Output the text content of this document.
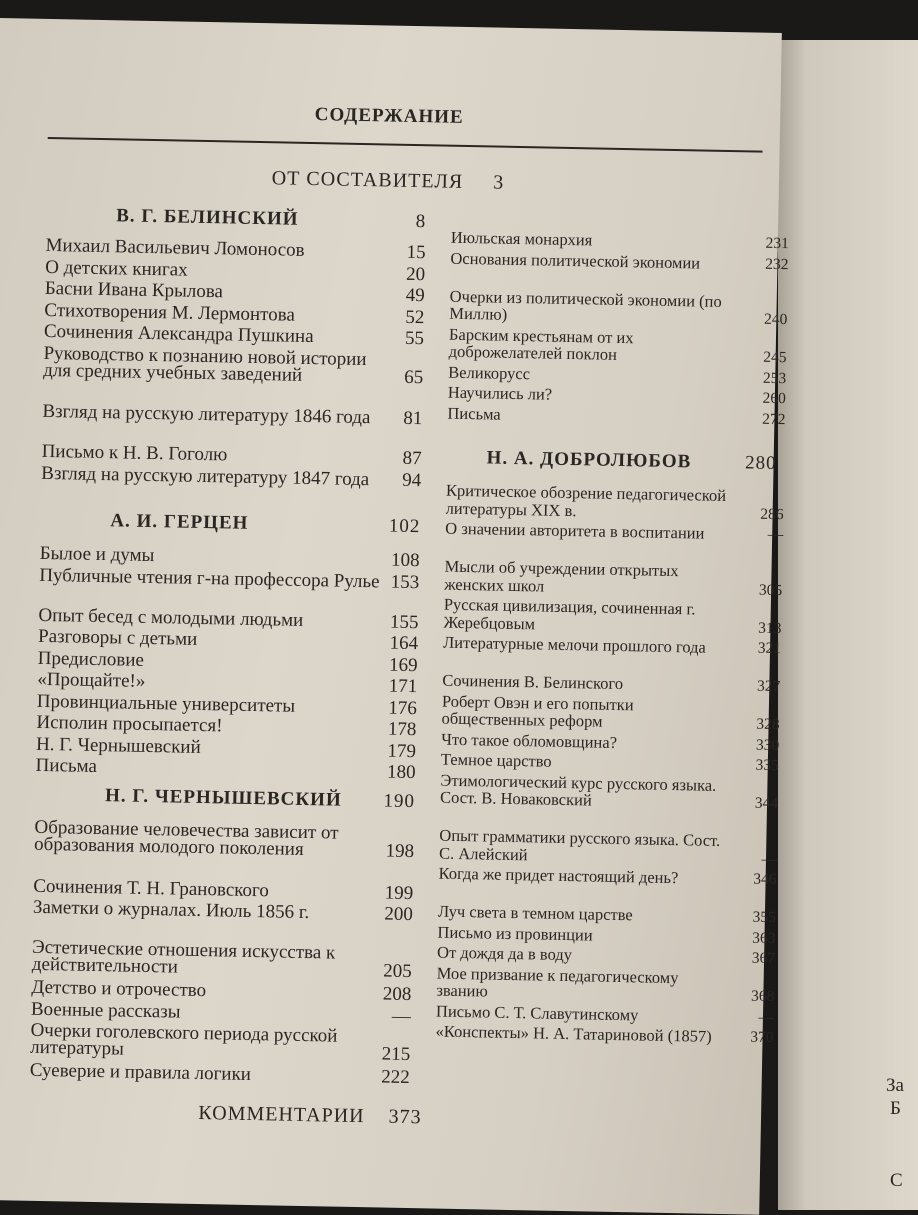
За
Б
С
СОДЕРЖАНИЕ
ОТ СОСТАВИТЕЛЯ 3
В. Г. БЕЛИНСКИЙ	8
Михаил Васильевич Ломоносов	15
О детских книгах	20
Басни Ивана Крылова	49
Стихотворения М. Лермонтова	52
Сочинения Александра Пушкина	55
Руководство к познанию новой истории для средних учебных заведений	65
Взгляд на русскую литературу 1846 года	81
Письмо к Н. В. Гоголю	87
Взгляд на русскую литературу 1847 года	94
А. И. ГЕРЦЕН	102
Былое и думы	108
Публичные чтения г-на профессора Рулье 153
Опыт бесед с молодыми людьми	155
Разговоры с детьми	164
Предисловие	169
«Прощайте!»	171
Провинциальные университеты	176
Исполин просыпается!	178
Н. Г. Чернышевский	179
Письма	180
Н. Г. ЧЕРНЫШЕВСКИЙ 190
Образование человечества зависит от образования молодого поколения	198
Сочинения Т. Н. Грановского	199
Заметки о журналах. Июль 1856 г.	200
Эстетические отношения искусства к действительности	205
Детство и отрочество	208
Военные рассказы	—
Очерки гоголевского периода русской литературы	215
Суеверие и правила логики	222
Июльская монархия	231
Основания политической экономии	232
Очерки из политической экономии (по Миллю)	240
Барским крестьянам от их доброжелателей поклон	245
Великорусс	253
Научились ли?	260
Письма	272
Н. А. ДОБРОЛЮБОВ	280
Критическое обозрение педагогической литературы XIX в.	286
О значении авторитета в воспитании	—
Мысли об учреждении открытых женских школ	305
Русская цивилизация, сочиненная г. Жеребцовым	313
Литературные мелочи прошлого года	321
Сочинения В. Белинского	327
Роберт Овэн и его попытки общественных реформ	328
Что такое обломовщина?	330
Темное царство	335
Этимологический курс русского языка. Сост. В. Новаковский	344
Опыт грамматики русского языка. Сост. С. Алейский	—
Когда же придет настоящий день?	346
Луч света в темном царстве	355
Письмо из провинции	363
От дождя да в воду	367
Мое призвание к педагогическому званию	368
Письмо С. Т. Славутинскому	—
«Конспекты» Н. А. Татариновой (1857)	370
КОММЕНТАРИИ 373
